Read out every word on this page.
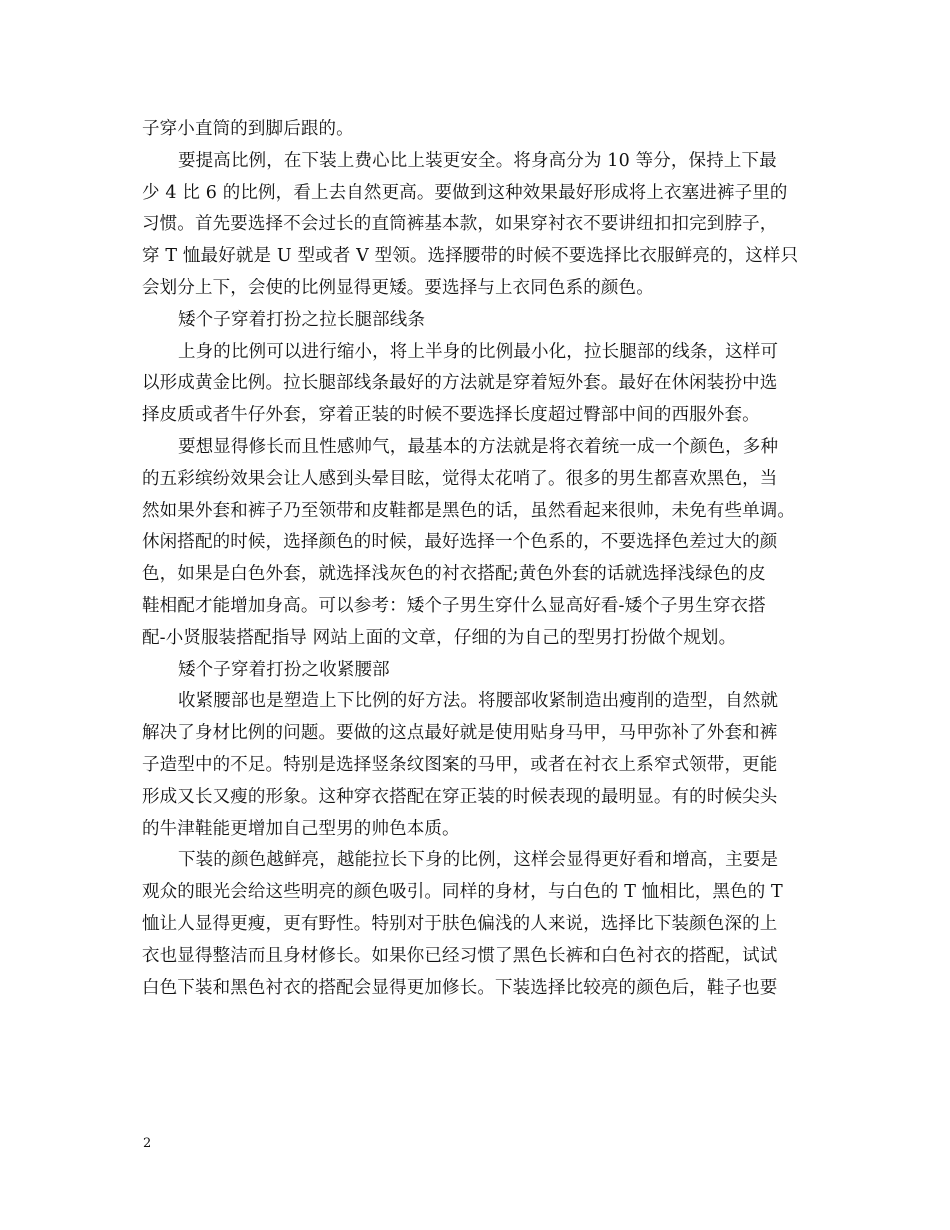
子穿小直筒的到脚后跟的。
要提高比例，在下装上费心比上装更安全。将身高分为 10 等分，保持上下最
少 4 比 6 的比例，看上去自然更高。要做到这种效果最好形成将上衣塞进裤子里的
习惯。首先要选择不会过长的直筒裤基本款，如果穿衬衣不要讲纽扣扣完到脖子，
穿 T 恤最好就是 U 型或者 V 型领。选择腰带的时候不要选择比衣服鲜亮的，这样只
会划分上下，会使的比例显得更矮。要选择与上衣同色系的颜色。
矮个子穿着打扮之拉长腿部线条
上身的比例可以进行缩小，将上半身的比例最小化，拉长腿部的线条，这样可
以形成黄金比例。拉长腿部线条最好的方法就是穿着短外套。最好在休闲装扮中选
择皮质或者牛仔外套，穿着正装的时候不要选择长度超过臀部中间的西服外套。
要想显得修长而且性感帅气，最基本的方法就是将衣着统一成一个颜色，多种
的五彩缤纷效果会让人感到头晕目眩，觉得太花哨了。很多的男生都喜欢黑色，当
然如果外套和裤子乃至领带和皮鞋都是黑色的话，虽然看起来很帅，未免有些单调。
休闲搭配的时候，选择颜色的时候，最好选择一个色系的，不要选择色差过大的颜
色，如果是白色外套，就选择浅灰色的衬衣搭配;黄色外套的话就选择浅绿色的皮
鞋相配才能增加身高。可以参考：矮个子男生穿什么显高好看-矮个子男生穿衣搭
配-小贤服装搭配指导 网站上面的文章，仔细的为自己的型男打扮做个规划。
矮个子穿着打扮之收紧腰部
收紧腰部也是塑造上下比例的好方法。将腰部收紧制造出瘦削的造型，自然就
解决了身材比例的问题。要做的这点最好就是使用贴身马甲，马甲弥补了外套和裤
子造型中的不足。特别是选择竖条纹图案的马甲，或者在衬衣上系窄式领带，更能
形成又长又瘦的形象。这种穿衣搭配在穿正装的时候表现的最明显。有的时候尖头
的牛津鞋能更增加自己型男的帅色本质。
下装的颜色越鲜亮，越能拉长下身的比例，这样会显得更好看和增高，主要是
观众的眼光会给这些明亮的颜色吸引。同样的身材，与白色的 T 恤相比，黑色的 T
恤让人显得更瘦，更有野性。特别对于肤色偏浅的人来说，选择比下装颜色深的上
衣也显得整洁而且身材修长。如果你已经习惯了黑色长裤和白色衬衣的搭配，试试
白色下装和黑色衬衣的搭配会显得更加修长。下装选择比较亮的颜色后，鞋子也要
2
